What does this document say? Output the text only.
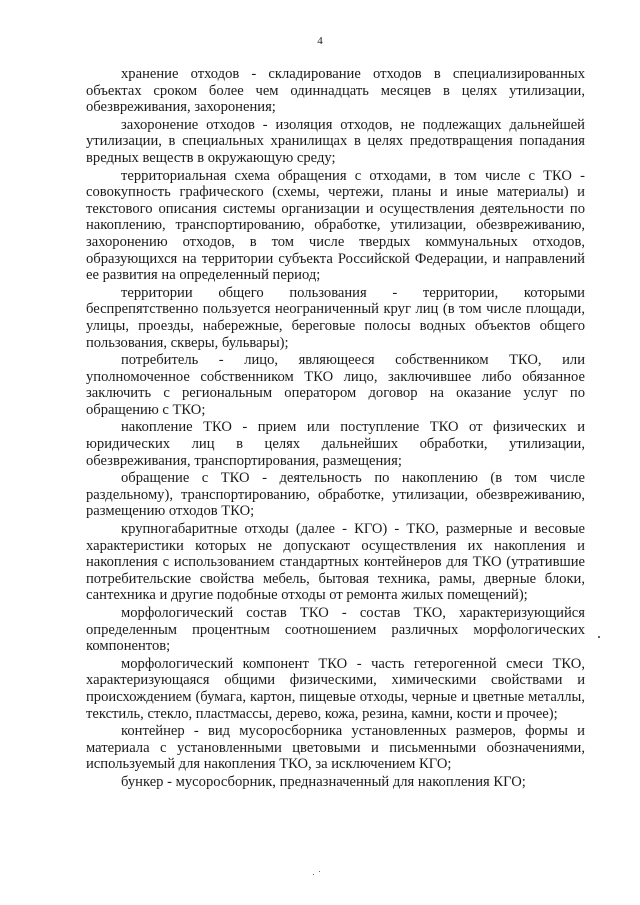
4

хранение отходов - складирование отходов в специализированных объектах сроком более чем одиннадцать месяцев в целях утилизации, обезвреживания, захоронения;

захоронение отходов - изоляция отходов, не подлежащих дальнейшей утилизации, в специальных хранилищах в целях предотвращения попадания вредных веществ в окружающую среду;

территориальная схема обращения с отходами, в том числе с ТКО - совокупность графического (схемы, чертежи, планы и иные материалы) и текстового описания системы организации и осуществления деятельности по накоплению, транспортированию, обработке, утилизации, обезвреживанию, захоронению отходов, в том числе твердых коммунальных отходов, образующихся на территории субъекта Российской Федерации, и направлений ее развития на определенный период;

территории общего пользования - территории, которыми беспрепятственно пользуется неограниченный круг лиц (в том числе площади, улицы, проезды, набережные, береговые полосы водных объектов общего пользования, скверы, бульвары);

потребитель - лицо, являющееся собственником ТКО, или уполномоченное собственником ТКО лицо, заключившее либо обязанное заключить с региональным оператором договор на оказание услуг по обращению с ТКО;

накопление ТКО - прием или поступление ТКО от физических и юридических лиц в целях дальнейших обработки, утилизации, обезвреживания, транспортирования, размещения;

обращение с ТКО - деятельность по накоплению (в том числе раздельному), транспортированию, обработке, утилизации, обезвреживанию, размещению отходов ТКО;

крупногабаритные отходы (далее - КГО) - ТКО, размерные и весовые характеристики которых не допускают осуществления их накопления и накопления с использованием стандартных контейнеров для ТКО (утратившие потребительские свойства мебель, бытовая техника, рамы, дверные блоки, сантехника и другие подобные отходы от ремонта жилых помещений);

морфологический состав ТКО - состав ТКО, характеризующийся определенным процентным соотношением различных морфологических компонентов;

морфологический компонент ТКО - часть гетерогенной смеси ТКО, характеризующаяся общими физическими, химическими свойствами и происхождением (бумага, картон, пищевые отходы, черные и цветные металлы, текстиль, стекло, пластмассы, дерево, кожа, резина, камни, кости и прочее);

контейнер - вид мусоросборника установленных размеров, формы и материала с установленными цветовыми и письменными обозначениями, используемый для накопления ТКО, за исключением КГО;

бункер - мусоросборник, предназначенный для накопления КГО;
